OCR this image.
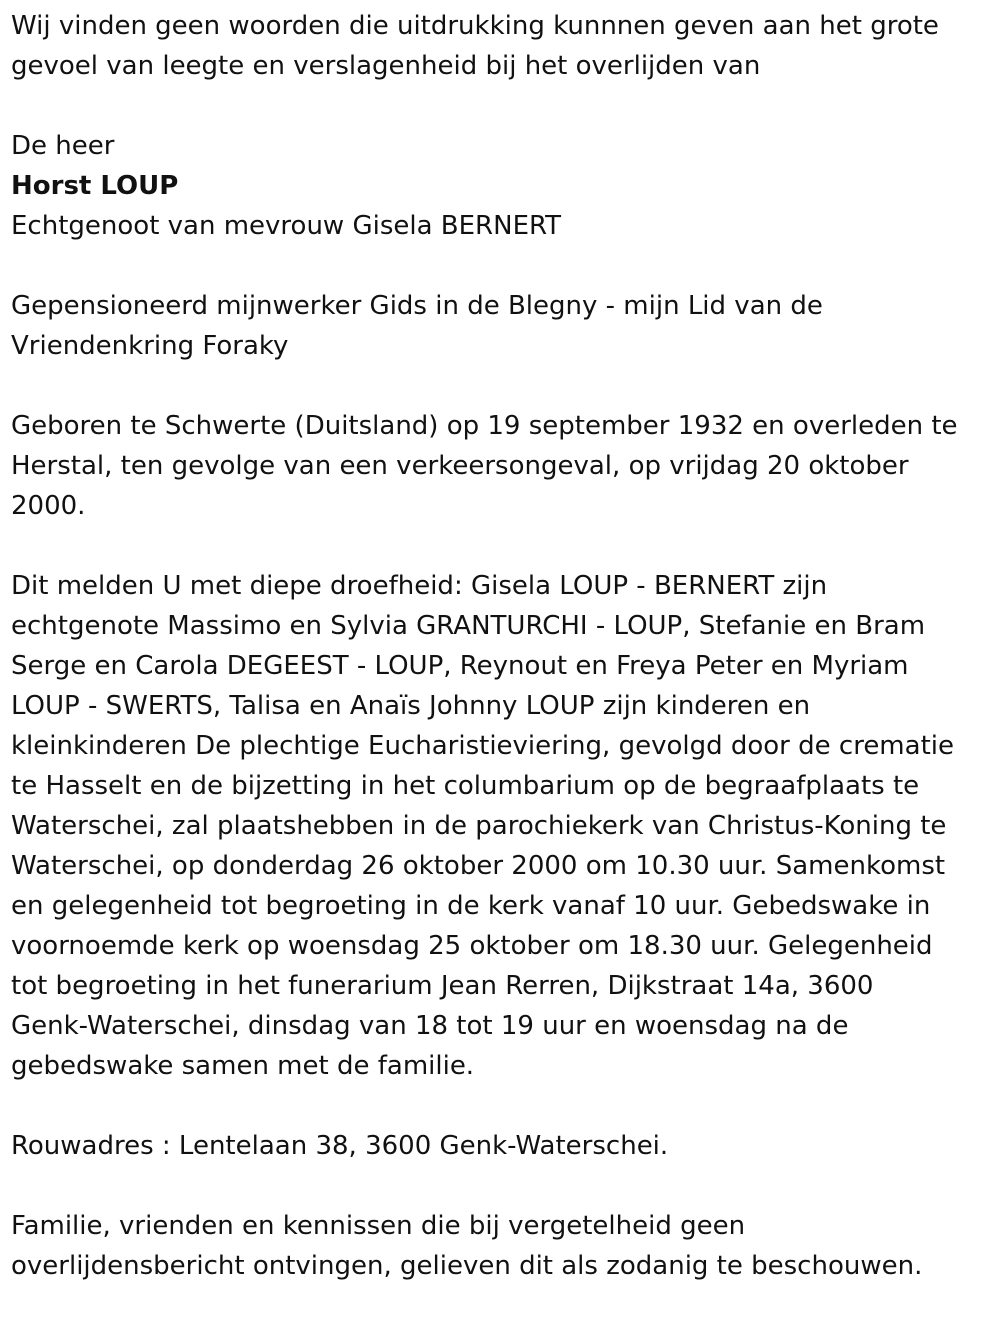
Wij vinden geen woorden die uitdrukking kunnnen geven aan het grote
gevoel van leegte en verslagenheid bij het overlijden van

De heer

Horst LOUP

Echtgenoot van mevrouw Gisela BERNERT

Gepensioneerd mijnwerker Gids in de Blegny - mijn Lid van de
Vriendenkring Foraky

Geboren te Schwerte (Duitsland) op 19 september 1932 en overleden te
Herstal, ten gevolge van een verkeersongeval, op vrijdag 20 oktober
2000.

Dit melden U met diepe droefheid: Gisela LOUP - BERNERT zijn
echtgenote Massimo en Sylvia GRANTURCHI - LOUP, Stefanie en Bram
Serge en Carola DEGEEST - LOUP, Reynout en Freya Peter en Myriam
LOUP - SWERTS, Talisa en Anaïs Johnny LOUP zijn kinderen en
kleinkinderen De plechtige Eucharistieviering, gevolgd door de crematie
te Hasselt en de bijzetting in het columbarium op de begraafplaats te
Waterschei, zal plaatshebben in de parochiekerk van Christus-Koning te
Waterschei, op donderdag 26 oktober 2000 om 10.30 uur. Samenkomst
en gelegenheid tot begroeting in de kerk vanaf 10 uur. Gebedswake in
voornoemde kerk op woensdag 25 oktober om 18.30 uur. Gelegenheid
tot begroeting in het funerarium Jean Rerren, Dijkstraat 14a, 3600
Genk-Waterschei, dinsdag van 18 tot 19 uur en woensdag na de
gebedswake samen met de familie.

Rouwadres : Lentelaan 38, 3600 Genk-Waterschei.

Familie, vrienden en kennissen die bij vergetelheid geen
overlijdensbericht ontvingen, gelieven dit als zodanig te beschouwen.
